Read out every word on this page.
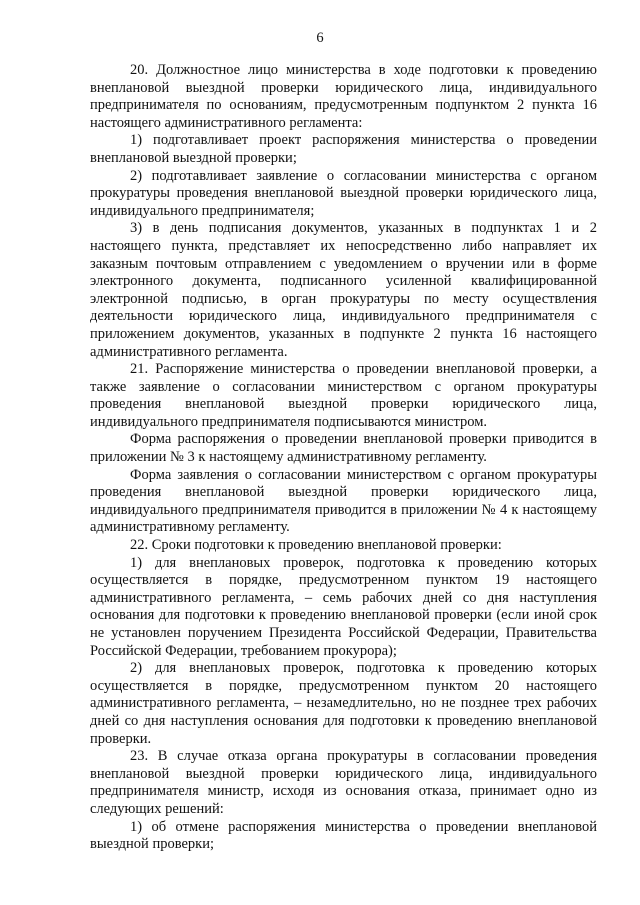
6

20. Должностное лицо министерства в ходе подготовки к проведению внеплановой выездной проверки юридического лица, индивидуального предпринимателя по основаниям, предусмотренным подпунктом 2 пункта 16 настоящего административного регламента:

1) подготавливает проект распоряжения министерства о проведении внеплановой выездной проверки;

2) подготавливает заявление о согласовании министерства с органом прокуратуры проведения внеплановой выездной проверки юридического лица, индивидуального предпринимателя;

3) в день подписания документов, указанных в подпунктах 1 и 2 настоящего пункта, представляет их непосредственно либо направляет их заказным почтовым отправлением с уведомлением о вручении или в форме электронного документа, подписанного усиленной квалифицированной электронной подписью, в орган прокуратуры по месту осуществления деятельности юридического лица, индивидуального предпринимателя с приложением документов, указанных в подпункте 2 пункта 16 настоящего административного регламента.

21. Распоряжение министерства о проведении внеплановой проверки, а также заявление о согласовании министерством с органом прокуратуры проведения внеплановой выездной проверки юридического лица, индивидуального предпринимателя подписываются министром.

Форма распоряжения о проведении внеплановой проверки приводится в приложении № 3 к настоящему административному регламенту.

Форма заявления о согласовании министерством с органом прокуратуры проведения внеплановой выездной проверки юридического лица, индивидуального предпринимателя приводится в приложении № 4 к настоящему административному регламенту.

22. Сроки подготовки к проведению внеплановой проверки:

1) для внеплановых проверок, подготовка к проведению которых осуществляется в порядке, предусмотренном пунктом 19 настоящего административного регламента, – семь рабочих дней со дня наступления основания для подготовки к проведению внеплановой проверки (если иной срок не установлен поручением Президента Российской Федерации, Правительства Российской Федерации, требованием прокурора);

2) для внеплановых проверок, подготовка к проведению которых осуществляется в порядке, предусмотренном пунктом 20 настоящего административного регламента, – незамедлительно, но не позднее трех рабочих дней со дня наступления основания для подготовки к проведению внеплановой проверки.

23. В случае отказа органа прокуратуры в согласовании проведения внеплановой выездной проверки юридического лица, индивидуального предпринимателя министр, исходя из основания отказа, принимает одно из следующих решений:

1) об отмене распоряжения министерства о проведении внеплановой выездной проверки;
